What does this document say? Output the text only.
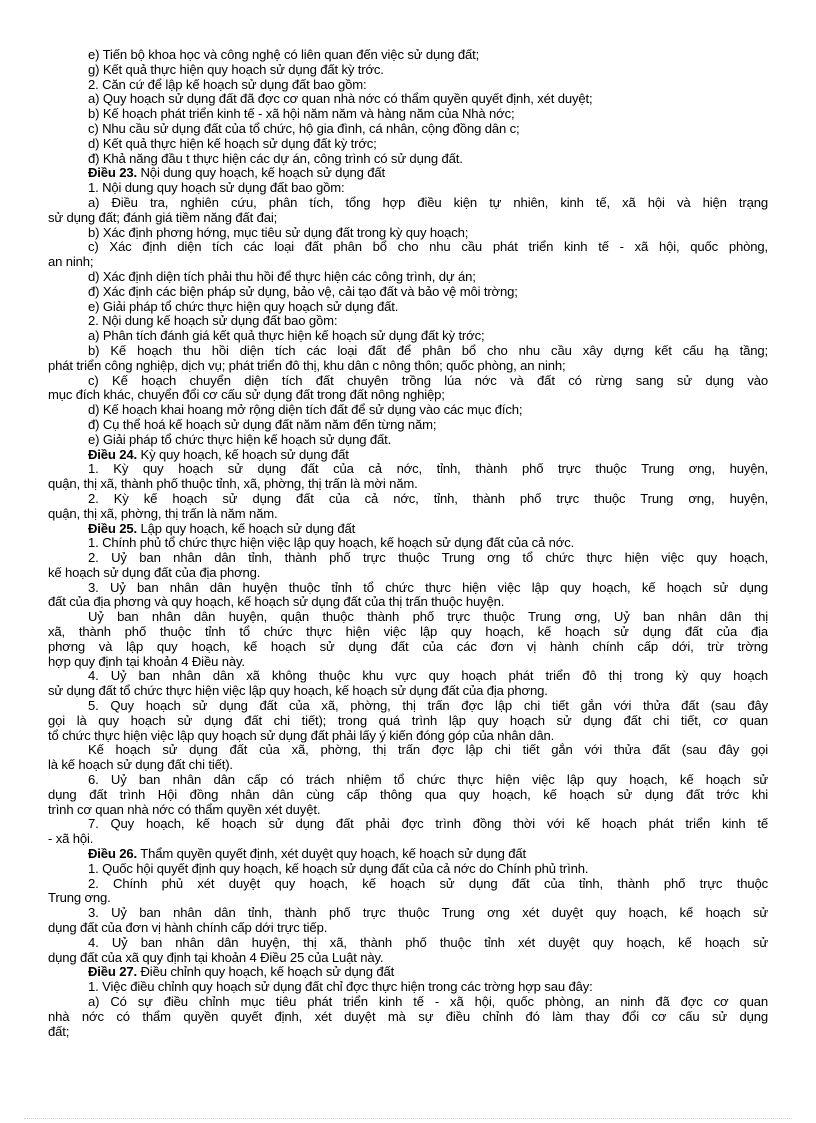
e) Tiến bộ khoa học và công nghệ có liên quan đến việc sử dụng đất;
g) Kết quả thực hiện quy hoạch sử dụng đất kỳ trớc.
2. Căn cứ để lập kế hoạch sử dụng đất bao gồm:
a) Quy hoạch sử dụng đất đã đợc cơ quan nhà nớc có thẩm quyền quyết định, xét duyệt;
b) Kế hoạch phát triển kinh tế - xã hội năm năm và hàng năm của Nhà nớc;
c) Nhu cầu sử dụng đất của tổ chức, hộ gia đình, cá nhân, cộng đồng dân c;
d) Kết quả thực hiện kế hoạch sử dụng đất kỳ trớc;
đ) Khả năng đầu t thực hiện các dự án, công trình có sử dụng đất.
Điều 23. Nội dung quy hoạch, kế hoạch sử dụng đất
1. Nội dung quy hoạch sử dụng đất bao gồm:
a) Điều tra, nghiên cứu, phân tích, tổng hợp điều kiện tự nhiên, kinh tế, xã hội và hiện trạng
sử dụng đất; đánh giá tiềm năng đất đai;
b) Xác định phơng hớng, mục tiêu sử dụng đất trong kỳ quy hoạch;
c) Xác định diện tích các loại đất phân bổ cho nhu cầu phát triển kinh tế - xã hội, quốc phòng,
an ninh;
d) Xác định diện tích phải thu hồi để thực hiện các công trình, dự án;
đ) Xác định các biện pháp sử dụng, bảo vệ, cải tạo đất và bảo vệ môi trờng;
e) Giải pháp tổ chức thực hiện quy hoạch sử dụng đất.
2. Nội dung kế hoạch sử dụng đất bao gồm:
a) Phân tích đánh giá kết quả thực hiện kế hoạch sử dụng đất kỳ trớc;
b) Kế hoạch thu hồi diện tích các loại đất để phân bổ cho nhu cầu xây dựng kết cấu hạ tầng;
phát triển công nghiệp, dịch vụ; phát triển đô thị, khu dân c nông thôn; quốc phòng, an ninh;
c) Kế hoạch chuyển diện tích đất chuyên trồng lúa nớc và đất có rừng sang sử dụng vào
mục đích khác, chuyển đổi cơ cấu sử dụng đất trong đất nông nghiệp;
d) Kế hoạch khai hoang mở rộng diện tích đất để sử dụng vào các mục đích;
đ) Cụ thể hoá kế hoạch sử dụng đất năm năm đến từng năm;
e) Giải pháp tổ chức thực hiện kế hoạch sử dụng đất.
Điều 24. Kỳ quy hoạch, kế hoạch sử dụng đất
1. Kỳ quy hoạch sử dụng đất của cả nớc, tỉnh, thành phố trực thuộc Trung ơng, huyện,
quận, thị xã, thành phố thuộc tỉnh, xã, phờng, thị trấn là mời năm.
2. Kỳ kế hoạch sử dụng đất của cả nớc, tỉnh, thành phố trực thuộc Trung ơng, huyện,
quận, thị xã, phờng, thị trấn là năm năm.
Điều 25. Lập quy hoạch, kế hoạch sử dụng đất
1. Chính phủ tổ chức thực hiện việc lập quy hoạch, kế hoạch sử dụng đất của cả nớc.
2. Uỷ ban nhân dân tỉnh, thành phố trực thuộc Trung ơng tổ chức thực hiện việc quy hoạch,
kế hoạch sử dụng đất của địa phơng.
3. Uỷ ban nhân dân huyện thuộc tỉnh tổ chức thực hiện việc lập quy hoạch, kế hoạch sử dụng
đất của địa phơng và quy hoạch, kế hoạch sử dụng đất của thị trấn thuộc huyện.
Uỷ ban nhân dân huyện, quận thuộc thành phố trực thuộc Trung ơng, Uỷ ban nhân dân thị
xã, thành phố thuộc tỉnh tổ chức thực hiện việc lập quy hoạch, kế hoạch sử dụng đất của địa
phơng và lập quy hoạch, kế hoạch sử dụng đất của các đơn vị hành chính cấp dới, trừ trờng
hợp quy định tại khoản 4 Điều này.
4. Uỷ ban nhân dân xã không thuộc khu vực quy hoạch phát triển đô thị trong kỳ quy hoạch
sử dụng đất tổ chức thực hiện việc lập quy hoạch, kế hoạch sử dụng đất của địa phơng.
5. Quy hoạch sử dụng đất của xã, phờng, thị trấn đợc lập chi tiết gắn với thửa đất (sau đây
gọi là quy hoạch sử dụng đất chi tiết); trong quá trình lập quy hoạch sử dụng đất chi tiết, cơ quan
tổ chức thực hiện việc lập quy hoạch sử dụng đất phải lấy ý kiến đóng góp của nhân dân.
Kế hoạch sử dụng đất của xã, phờng, thị trấn đợc lập chi tiết gắn với thửa đất (sau đây gọi
là kế hoạch sử dụng đất chi tiết).
6. Uỷ ban nhân dân cấp có trách nhiệm tổ chức thực hiện việc lập quy hoạch, kế hoạch sử
dụng đất trình Hội đồng nhân dân cùng cấp thông qua quy hoạch, kế hoạch sử dụng đất trớc khi
trình cơ quan nhà nớc có thẩm quyền xét duyệt.
7. Quy hoạch, kế hoạch sử dụng đất phải đợc trình đồng thời với kế hoạch phát triển kinh tế
- xã hội.
Điều 26. Thẩm quyền quyết định, xét duyệt quy hoạch, kế hoạch sử dụng đất
1. Quốc hội quyết định quy hoạch, kế hoạch sử dụng đất của cả nớc do Chính phủ trình.
2. Chính phủ xét duyệt quy hoạch, kế hoạch sử dụng đất của tỉnh, thành phố trực thuộc
Trung ơng.
3. Uỷ ban nhân dân tỉnh, thành phố trực thuộc Trung ơng xét duyệt quy hoạch, kế hoạch sử
dụng đất của đơn vị hành chính cấp dới trực tiếp.
4. Uỷ ban nhân dân huyện, thị xã, thành phố thuộc tỉnh xét duyệt quy hoạch, kế hoạch sử
dụng đất của xã quy định tại khoản 4 Điều 25 của Luật này.
Điều 27. Điều chỉnh quy hoạch, kế hoạch sử dụng đất
1. Việc điều chỉnh quy hoạch sử dụng đất chỉ đợc thực hiện trong các trờng hợp sau đây:
a) Có sự điều chỉnh mục tiêu phát triển kinh tế - xã hội, quốc phòng, an ninh đã đợc cơ quan
nhà nớc có thẩm quyền quyết định, xét duyệt mà sự điều chỉnh đó làm thay đổi cơ cấu sử dụng
đất;
